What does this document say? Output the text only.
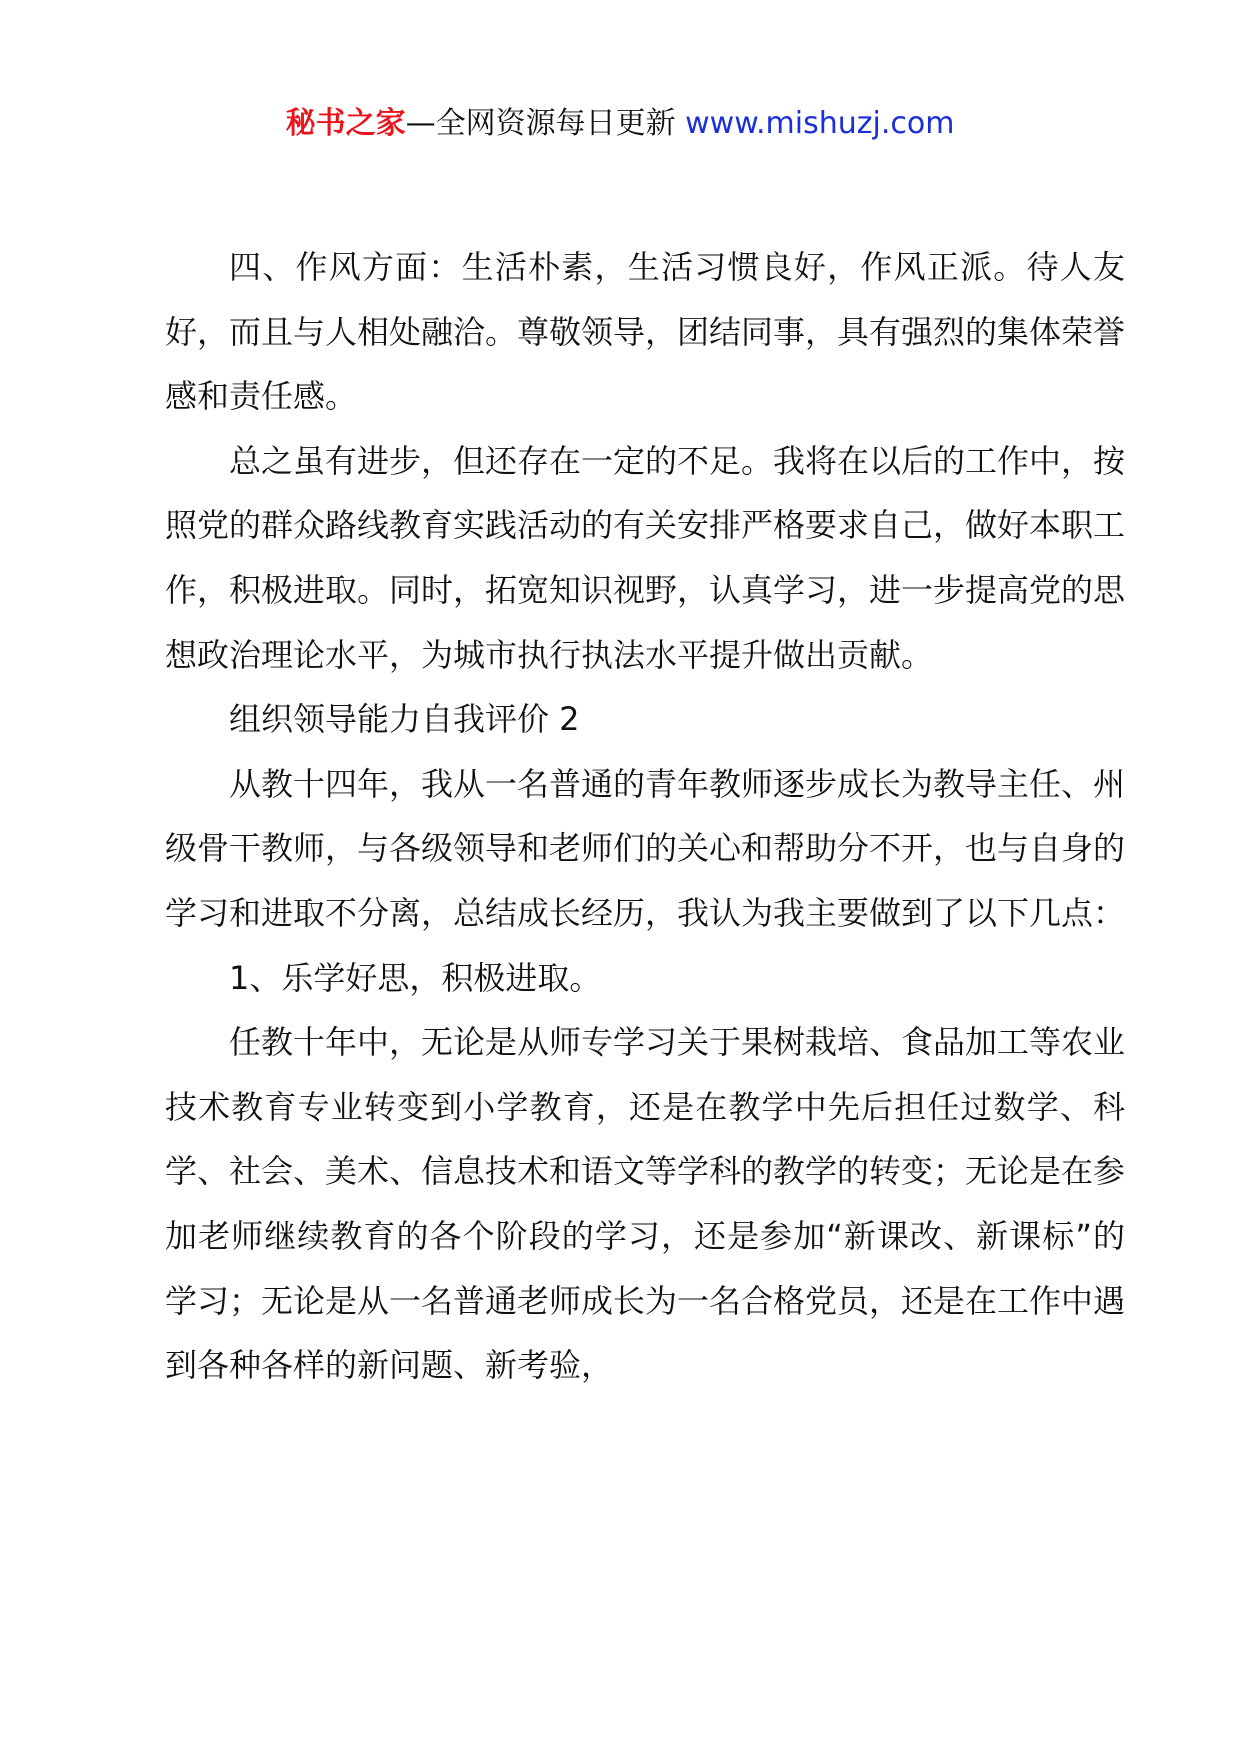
秘书之家—全网资源每日更新 www.mishuzj.com

四、作风方面：生活朴素，生活习惯良好，作风正派。待人友好，而且与人相处融洽。尊敬领导，团结同事，具有强烈的集体荣誉感和责任感。

总之虽有进步，但还存在一定的不足。我将在以后的工作中，按照党的群众路线教育实践活动的有关安排严格要求自己，做好本职工作，积极进取。同时，拓宽知识视野，认真学习，进一步提高党的思想政治理论水平，为城市执行执法水平提升做出贡献。

组织领导能力自我评价 2

从教十四年，我从一名普通的青年教师逐步成长为教导主任、州级骨干教师，与各级领导和老师们的关心和帮助分不开，也与自身的学习和进取不分离，总结成长经历，我认为我主要做到了以下几点：

1、乐学好思，积极进取。

任教十年中，无论是从师专学习关于果树栽培、食品加工等农业技术教育专业转变到小学教育，还是在教学中先后担任过数学、科学、社会、美术、信息技术和语文等学科的教学的转变；无论是在参加老师继续教育的各个阶段的学习，还是参加“新课改、新课标”的学习；无论是从一名普通老师成长为一名合格党员，还是在工作中遇到各种各样的新问题、新考验，
